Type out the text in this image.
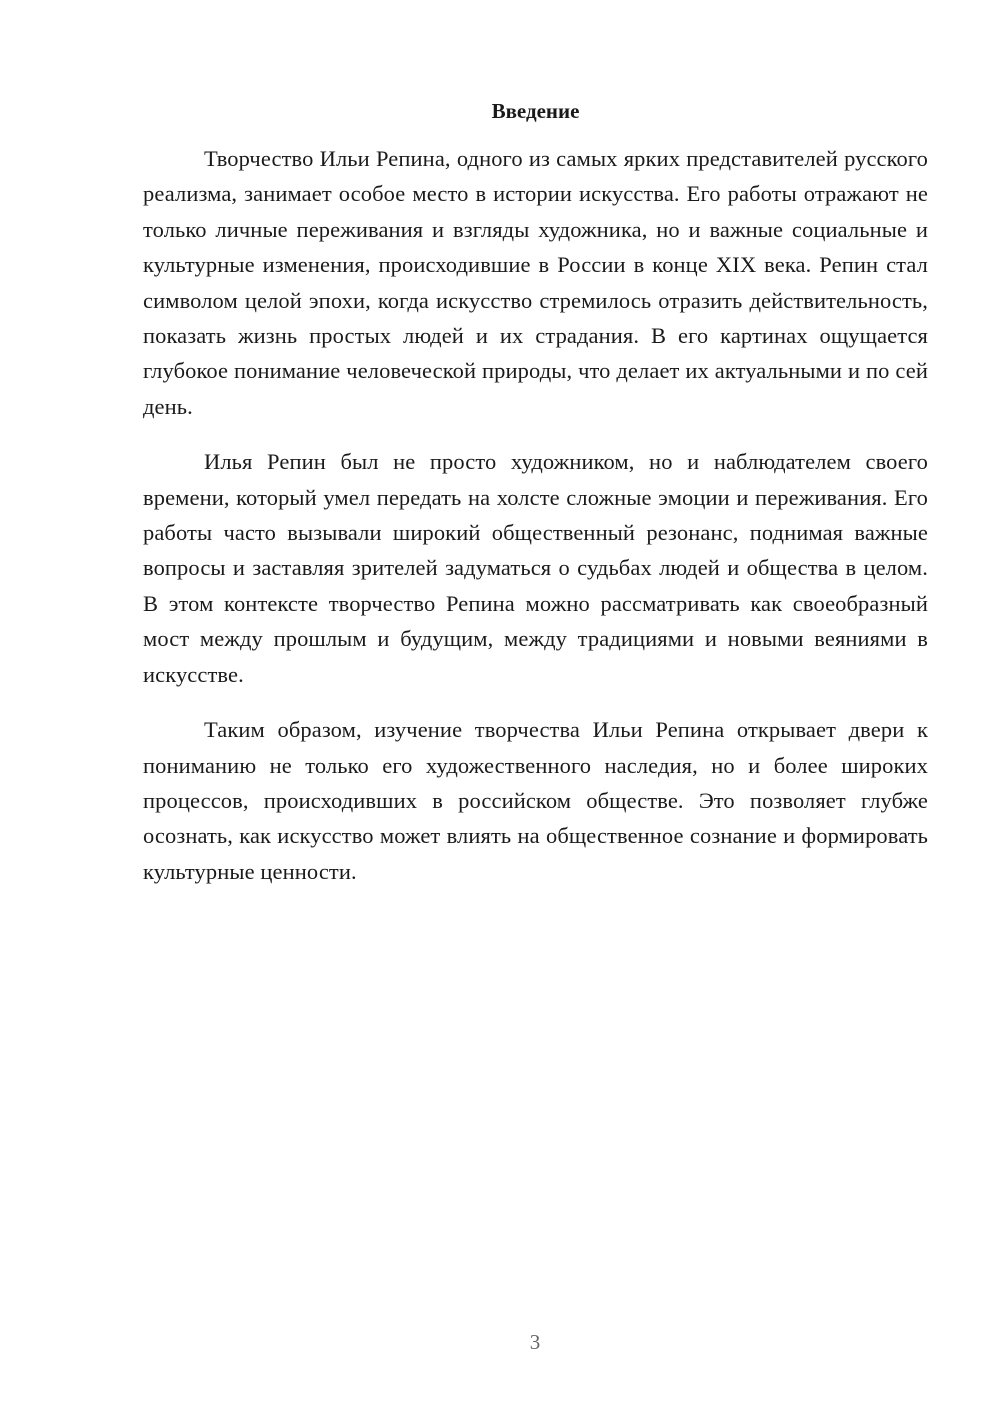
Введение

Творчество Ильи Репина, одного из самых ярких представителей русского реализма, занимает особое место в истории искусства. Его работы отражают не только личные переживания и взгляды художника, но и важные социальные и культурные изменения, происходившие в России в конце XIX века. Репин стал символом целой эпохи, когда искусство стремилось отразить действительность, показать жизнь простых людей и их страдания. В его картинах ощущается глубокое понимание человеческой природы, что делает их актуальными и по сей день.

Илья Репин был не просто художником, но и наблюдателем своего времени, который умел передать на холсте сложные эмоции и переживания. Его работы часто вызывали широкий общественный резонанс, поднимая важные вопросы и заставляя зрителей задуматься о судьбах людей и общества в целом. В этом контексте творчество Репина можно рассматривать как своеобразный мост между прошлым и будущим, между традициями и новыми веяниями в искусстве.

Таким образом, изучение творчества Ильи Репина открывает двери к пониманию не только его художественного наследия, но и более широких процессов, происходивших в российском обществе. Это позволяет глубже осознать, как искусство может влиять на общественное сознание и формировать культурные ценности.

3
